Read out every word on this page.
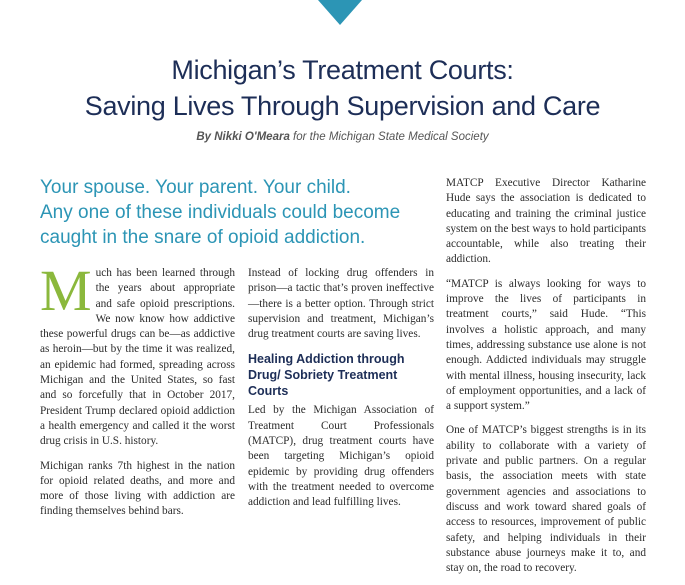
Michigan’s Treatment Courts:
Saving Lives Through Supervision and Care
By Nikki O'Meara for the Michigan State Medical Society
Your spouse. Your parent. Your child.
Any one of these individuals could become
caught in the snare of opioid addiction.

Much has been learned through the years about appropriate and safe opioid prescriptions. We now know how addictive these powerful drugs can be—as addictive as heroin—but by the time it was realized, an epidemic had formed, spreading across Michigan and the United States, so fast and so forcefully that in October 2017, President Trump declared opioid addiction a health emergency and called it the worst drug crisis in U.S. history.

Michigan ranks 7th highest in the nation for opioid related deaths, and more and more of those living with addiction are finding themselves behind bars.

Instead of locking drug offenders in prison—a tactic that’s proven ineffective—there is a better option. Through strict supervision and treatment, Michigan’s drug treatment courts are saving lives.

Healing Addiction through Drug/ Sobriety Treatment Courts

Led by the Michigan Association of Treatment Court Professionals (MATCP), drug treatment courts have been targeting Michigan’s opioid epidemic by providing drug offenders with the treatment needed to overcome addiction and lead fulfilling lives.

MATCP Executive Director Katharine Hude says the association is dedicated to educating and training the criminal justice system on the best ways to hold participants accountable, while also treating their addiction.

“MATCP is always looking for ways to improve the lives of participants in treatment courts,” said Hude. “This involves a holistic approach, and many times, addressing substance use alone is not enough. Addicted individuals may struggle with mental illness, housing insecurity, lack of employment opportunities, and a lack of a support system.”

One of MATCP’s biggest strengths is in its ability to collaborate with a variety of private and public partners. On a regular basis, the association meets with state government agencies and associations to discuss and work toward shared goals of access to resources, improvement of public safety, and helping individuals in their substance abuse journeys make it to, and stay on, the road to recovery.
